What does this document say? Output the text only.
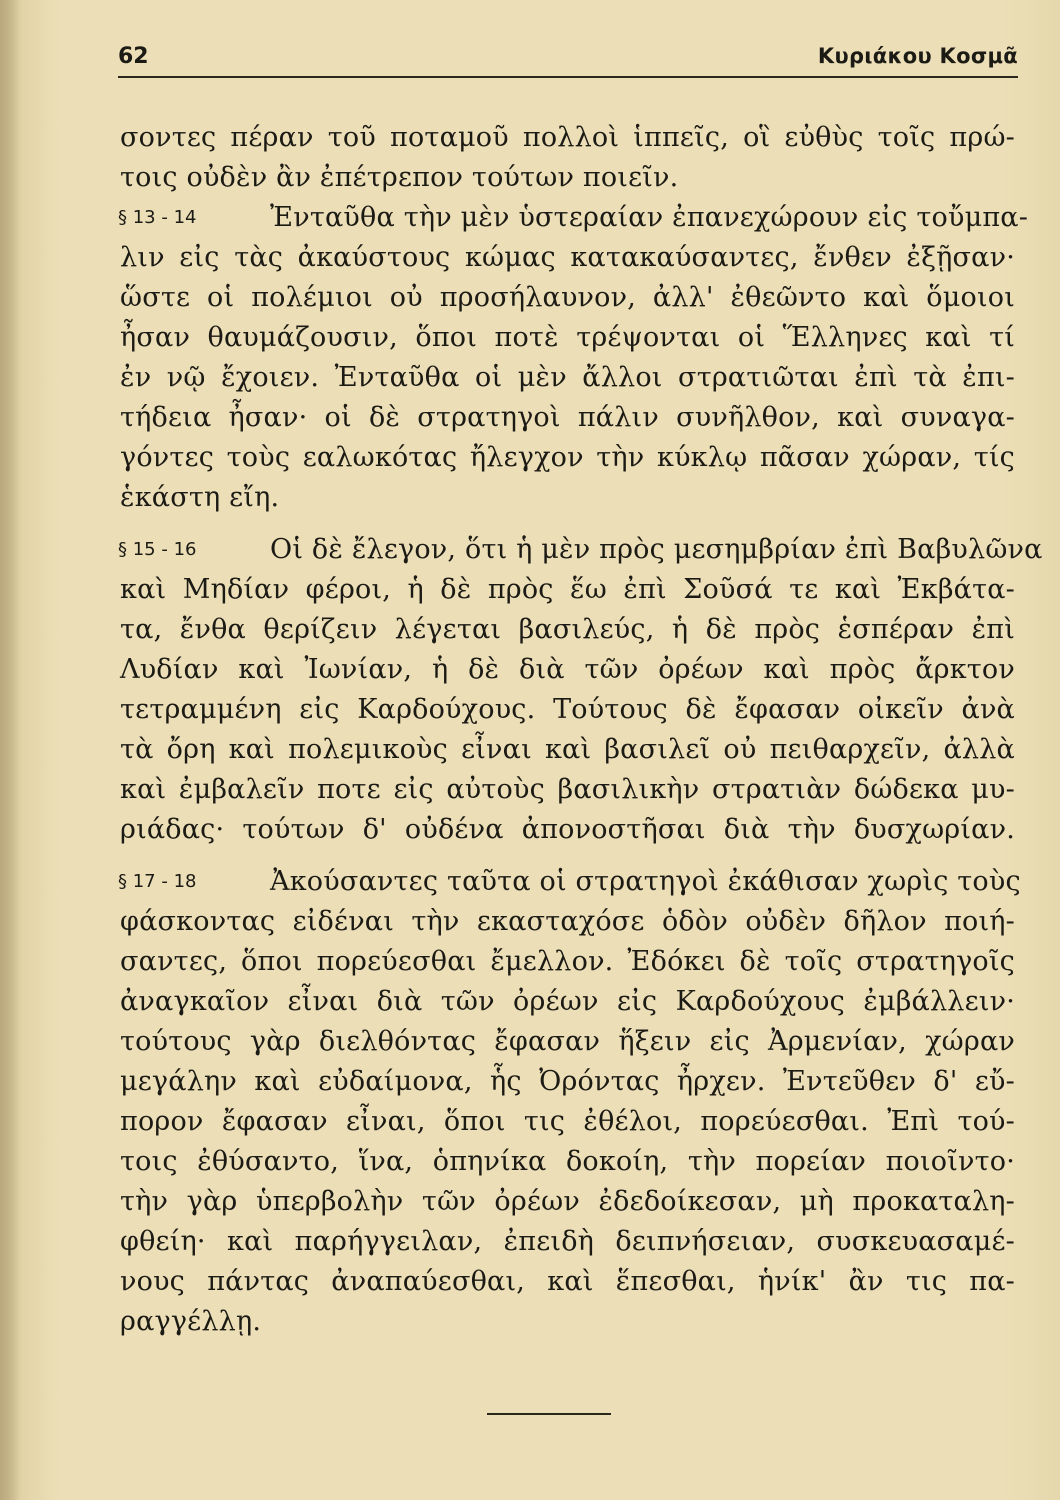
62	Κυριάκου Κοσμᾶ
σοντες πέραν τοῦ ποταμοῦ πολλοὶ ἱππεῖς, οἳ εὐθὺς τοῖς πρώ-
τοις οὐδὲν ἂν ἐπέτρεπον τούτων ποιεῖν.
§ 13 - 14	Ἐνταῦθα τὴν μὲν ὑστεραίαν ἐπανεχώρουν εἰς τοὔμπα-
λιν εἰς τὰς ἀκαύστους κώμας κατακαύσαντες, ἔνθεν ἐξῇσαν·
ὥστε οἱ πολέμιοι οὐ προσήλαυνον, ἀλλ' ἐθεῶντο καὶ ὅμοιοι
ἦσαν θαυμάζουσιν, ὅποι ποτὲ τρέψονται οἱ Ἕλληνες καὶ τί
ἐν νῷ ἔχοιεν. Ἐνταῦθα οἱ μὲν ἄλλοι στρατιῶται ἐπὶ τὰ ἐπι-
τήδεια ἦσαν· οἱ δὲ στρατηγοὶ πάλιν συνῆλθον, καὶ συναγα-
γόντες τοὺς εαλωκότας ἤλεγχον τὴν κύκλῳ πᾶσαν χώραν, τίς
ἑκάστη εἴη.
§ 15 - 16	Οἱ δὲ ἔλεγον, ὅτι ἡ μὲν πρὸς μεσημβρίαν ἐπὶ Βαβυλῶνα
καὶ Μηδίαν φέροι, ἡ δὲ πρὸς ἕω ἐπὶ Σοῦσά τε καὶ Ἐκβάτα-
τα, ἔνθα θερίζειν λέγεται βασιλεύς, ἡ δὲ πρὸς ἑσπέραν ἐπὶ
Λυδίαν καὶ Ἰωνίαν, ἡ δὲ διὰ τῶν ὀρέων καὶ πρὸς ἄρκτον
τετραμμένη εἰς Καρδούχους. Τούτους δὲ ἔφασαν οἰκεῖν ἀνὰ
τὰ ὄρη καὶ πολεμικοὺς εἶναι καὶ βασιλεῖ οὐ πειθαρχεῖν, ἀλλὰ
καὶ ἐμβαλεῖν ποτε εἰς αὐτοὺς βασιλικὴν στρατιὰν δώδεκα μυ-
ριάδας· τούτων δ' οὐδένα ἀπονοστῆσαι διὰ τὴν δυσχωρίαν.
§ 17 - 18	Ἀκούσαντες ταῦτα οἱ στρατηγοὶ ἐκάθισαν χωρὶς τοὺς
φάσκοντας εἰδέναι τὴν εκασταχόσε ὁδὸν οὐδὲν δῆλον ποιή-
σαντες, ὅποι πορεύεσθαι ἔμελλον. Ἐδόκει δὲ τοῖς στρατηγοῖς
ἀναγκαῖον εἶναι διὰ τῶν ὀρέων εἰς Καρδούχους ἐμβάλλειν·
τούτους γὰρ διελθόντας ἔφασαν ἥξειν εἰς Ἀρμενίαν, χώραν
μεγάλην καὶ εὐδαίμονα, ἧς Ὀρόντας ἦρχεν. Ἐντεῦθεν δ' εὔ-
πορον ἔφασαν εἶναι, ὅποι τις ἐθέλοι, πορεύεσθαι. Ἐπὶ τού-
τοις ἐθύσαντο, ἵνα, ὁπηνίκα δοκοίη, τὴν πορείαν ποιοῖντο·
τὴν γὰρ ὑπερβολὴν τῶν ὀρέων ἐδεδοίκεσαν, μὴ προκαταλη-
φθείη· καὶ παρήγγειλαν, ἐπειδὴ δειπνήσειαν, συσκευασαμέ-
νους πάντας ἀναπαύεσθαι, καὶ ἕπεσθαι, ἡνίκ' ἂν τις πα-
ραγγέλλῃ.
